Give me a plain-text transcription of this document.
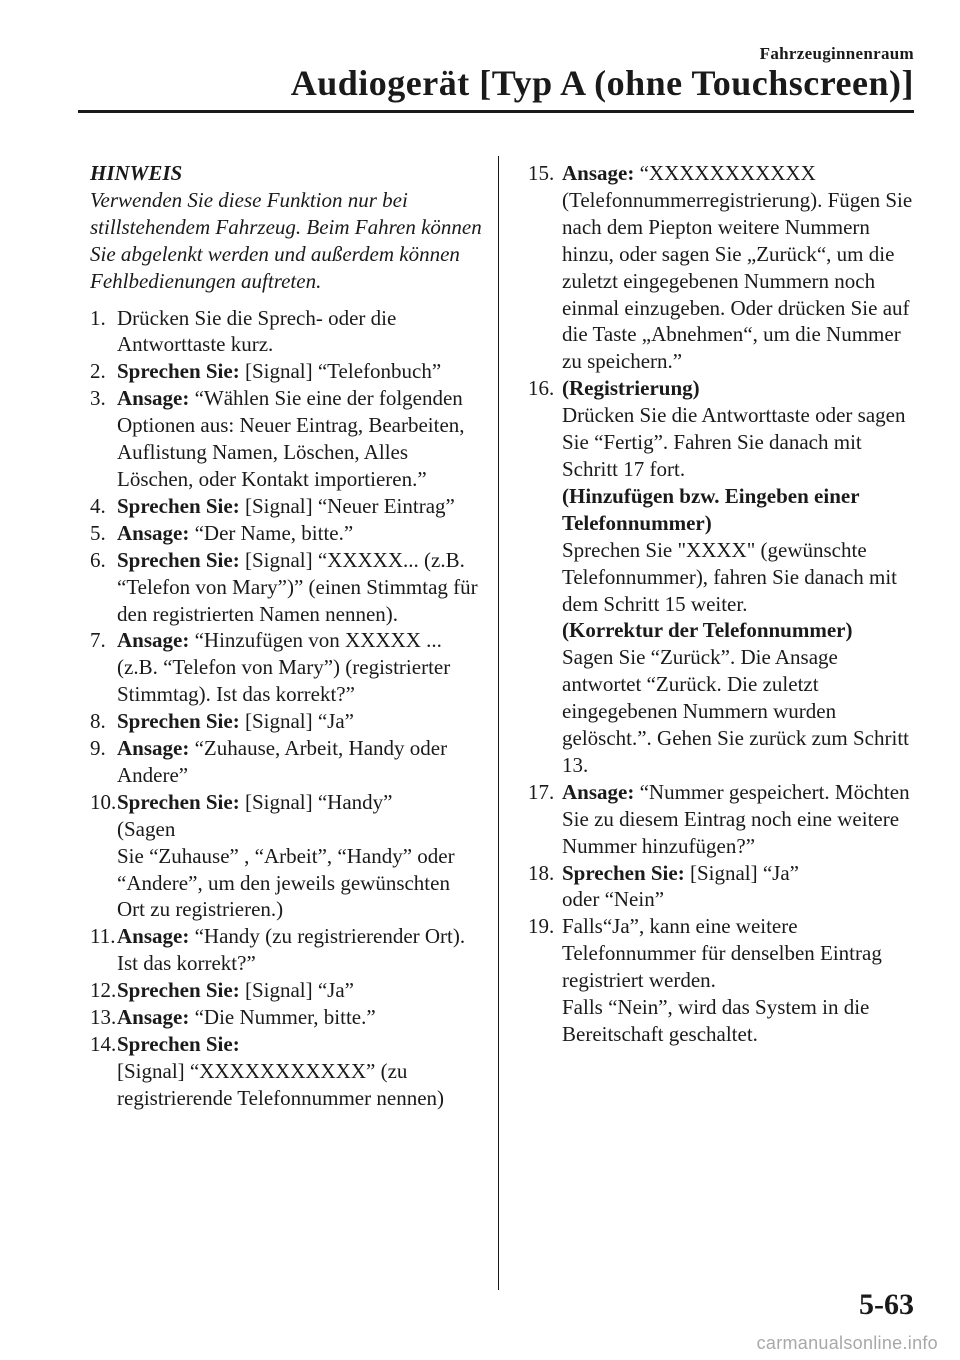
Fahrzeuginnenraum
Audiogerät [Typ A (ohne Touchscreen)]
HINWEIS
Verwenden Sie diese Funktion nur bei stillstehendem Fahrzeug. Beim Fahren können Sie abgelenkt werden und außerdem können Fehlbedienungen auftreten.
1. Drücken Sie die Sprech- oder die Antworttaste kurz.
2. Sprechen Sie: [Signal] “Telefonbuch”
3. Ansage: “Wählen Sie eine der folgenden Optionen aus: Neuer Eintrag, Bearbeiten, Auflistung Namen, Löschen, Alles Löschen, oder Kontakt importieren.”
4. Sprechen Sie: [Signal] “Neuer Eintrag”
5. Ansage: “Der Name, bitte.”
6. Sprechen Sie: [Signal] “XXXXX... (z.B. “Telefon von Mary”)” (einen Stimmtag für den registrierten Namen nennen).
7. Ansage: “Hinzufügen von XXXXX ... (z.B. “Telefon von Mary”) (registrierter Stimmtag). Ist das korrekt?”
8. Sprechen Sie: [Signal] “Ja”
9. Ansage: “Zuhause, Arbeit, Handy oder Andere”
10. Sprechen Sie: [Signal] “Handy”
(Sagen
Sie “Zuhause” , “Arbeit”, “Handy” oder “Andere”, um den jeweils gewünschten Ort zu registrieren.)
11. Ansage: “Handy (zu registrierender Ort). Ist das korrekt?”
12. Sprechen Sie: [Signal] “Ja”
13. Ansage: “Die Nummer, bitte.”
14. Sprechen Sie:
[Signal] “XXXXXXXXXXX” (zu registrierende Telefonnummer nennen)
15. Ansage: “XXXXXXXXXXX (Telefonnummerregistrierung). Fügen Sie nach dem Piepton weitere Nummern hinzu, oder sagen Sie „Zurück“, um die zuletzt eingegebenen Nummern noch einmal einzugeben. Oder drücken Sie auf die Taste „Abnehmen“, um die Nummer zu speichern.”
16. (Registrierung)
Drücken Sie die Antworttaste oder sagen Sie “Fertig”. Fahren Sie danach mit Schritt 17 fort.
(Hinzufügen bzw. Eingeben einer Telefonnummer)
Sprechen Sie "XXXX" (gewünschte Telefonnummer), fahren Sie danach mit dem Schritt 15 weiter.
(Korrektur der Telefonnummer)
Sagen Sie “Zurück”. Die Ansage antwortet “Zurück. Die zuletzt eingegebenen Nummern wurden gelöscht.”. Gehen Sie zurück zum Schritt 13.
17. Ansage: “Nummer gespeichert. Möchten Sie zu diesem Eintrag noch eine weitere Nummer hinzufügen?”
18. Sprechen Sie: [Signal] “Ja”
oder “Nein”
19. Falls“Ja”, kann eine weitere Telefonnummer für denselben Eintrag registriert werden.
Falls “Nein”, wird das System in die Bereitschaft geschaltet.
5-63
carmanualsonline.info
